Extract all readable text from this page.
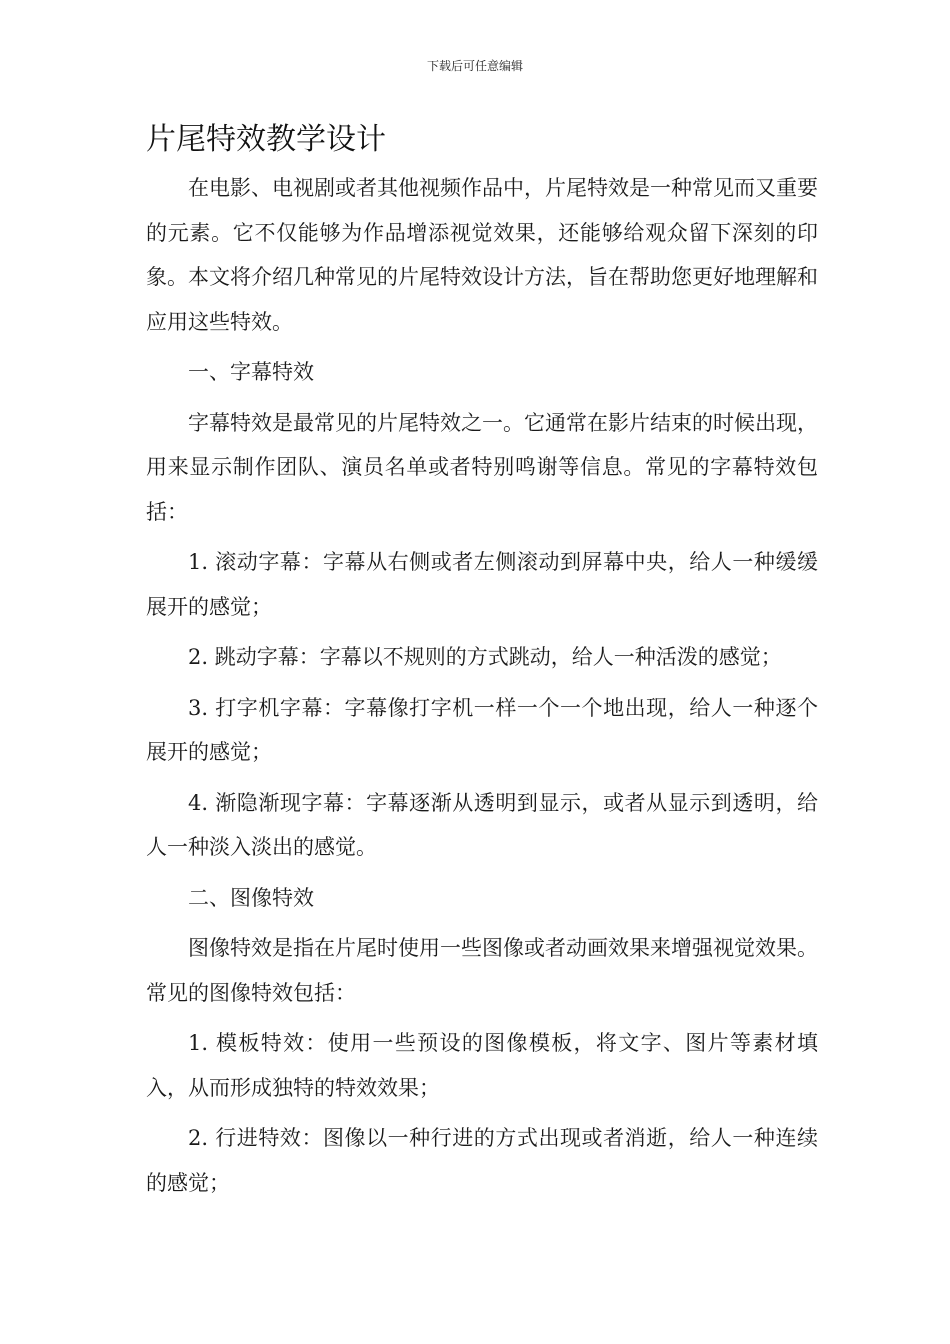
下载后可任意编辑
片尾特效教学设计

在电影、电视剧或者其他视频作品中，片尾特效是一种常见而又重要的元素。它不仅能够为作品增添视觉效果，还能够给观众留下深刻的印象。本文将介绍几种常见的片尾特效设计方法，旨在帮助您更好地理解和应用这些特效。

一、字幕特效

字幕特效是最常见的片尾特效之一。它通常在影片结束的时候出现，用来显示制作团队、演员名单或者特别鸣谢等信息。常见的字幕特效包括：

1. 滚动字幕：字幕从右侧或者左侧滚动到屏幕中央，给人一种缓缓展开的感觉；

2. 跳动字幕：字幕以不规则的方式跳动，给人一种活泼的感觉；

3. 打字机字幕：字幕像打字机一样一个一个地出现，给人一种逐个展开的感觉；

4. 渐隐渐现字幕：字幕逐渐从透明到显示，或者从显示到透明，给人一种淡入淡出的感觉。

二、图像特效

图像特效是指在片尾时使用一些图像或者动画效果来增强视觉效果。常见的图像特效包括：

1. 模板特效：使用一些预设的图像模板，将文字、图片等素材填入，从而形成独特的特效效果；

2. 行进特效：图像以一种行进的方式出现或者消逝，给人一种连续的感觉；
